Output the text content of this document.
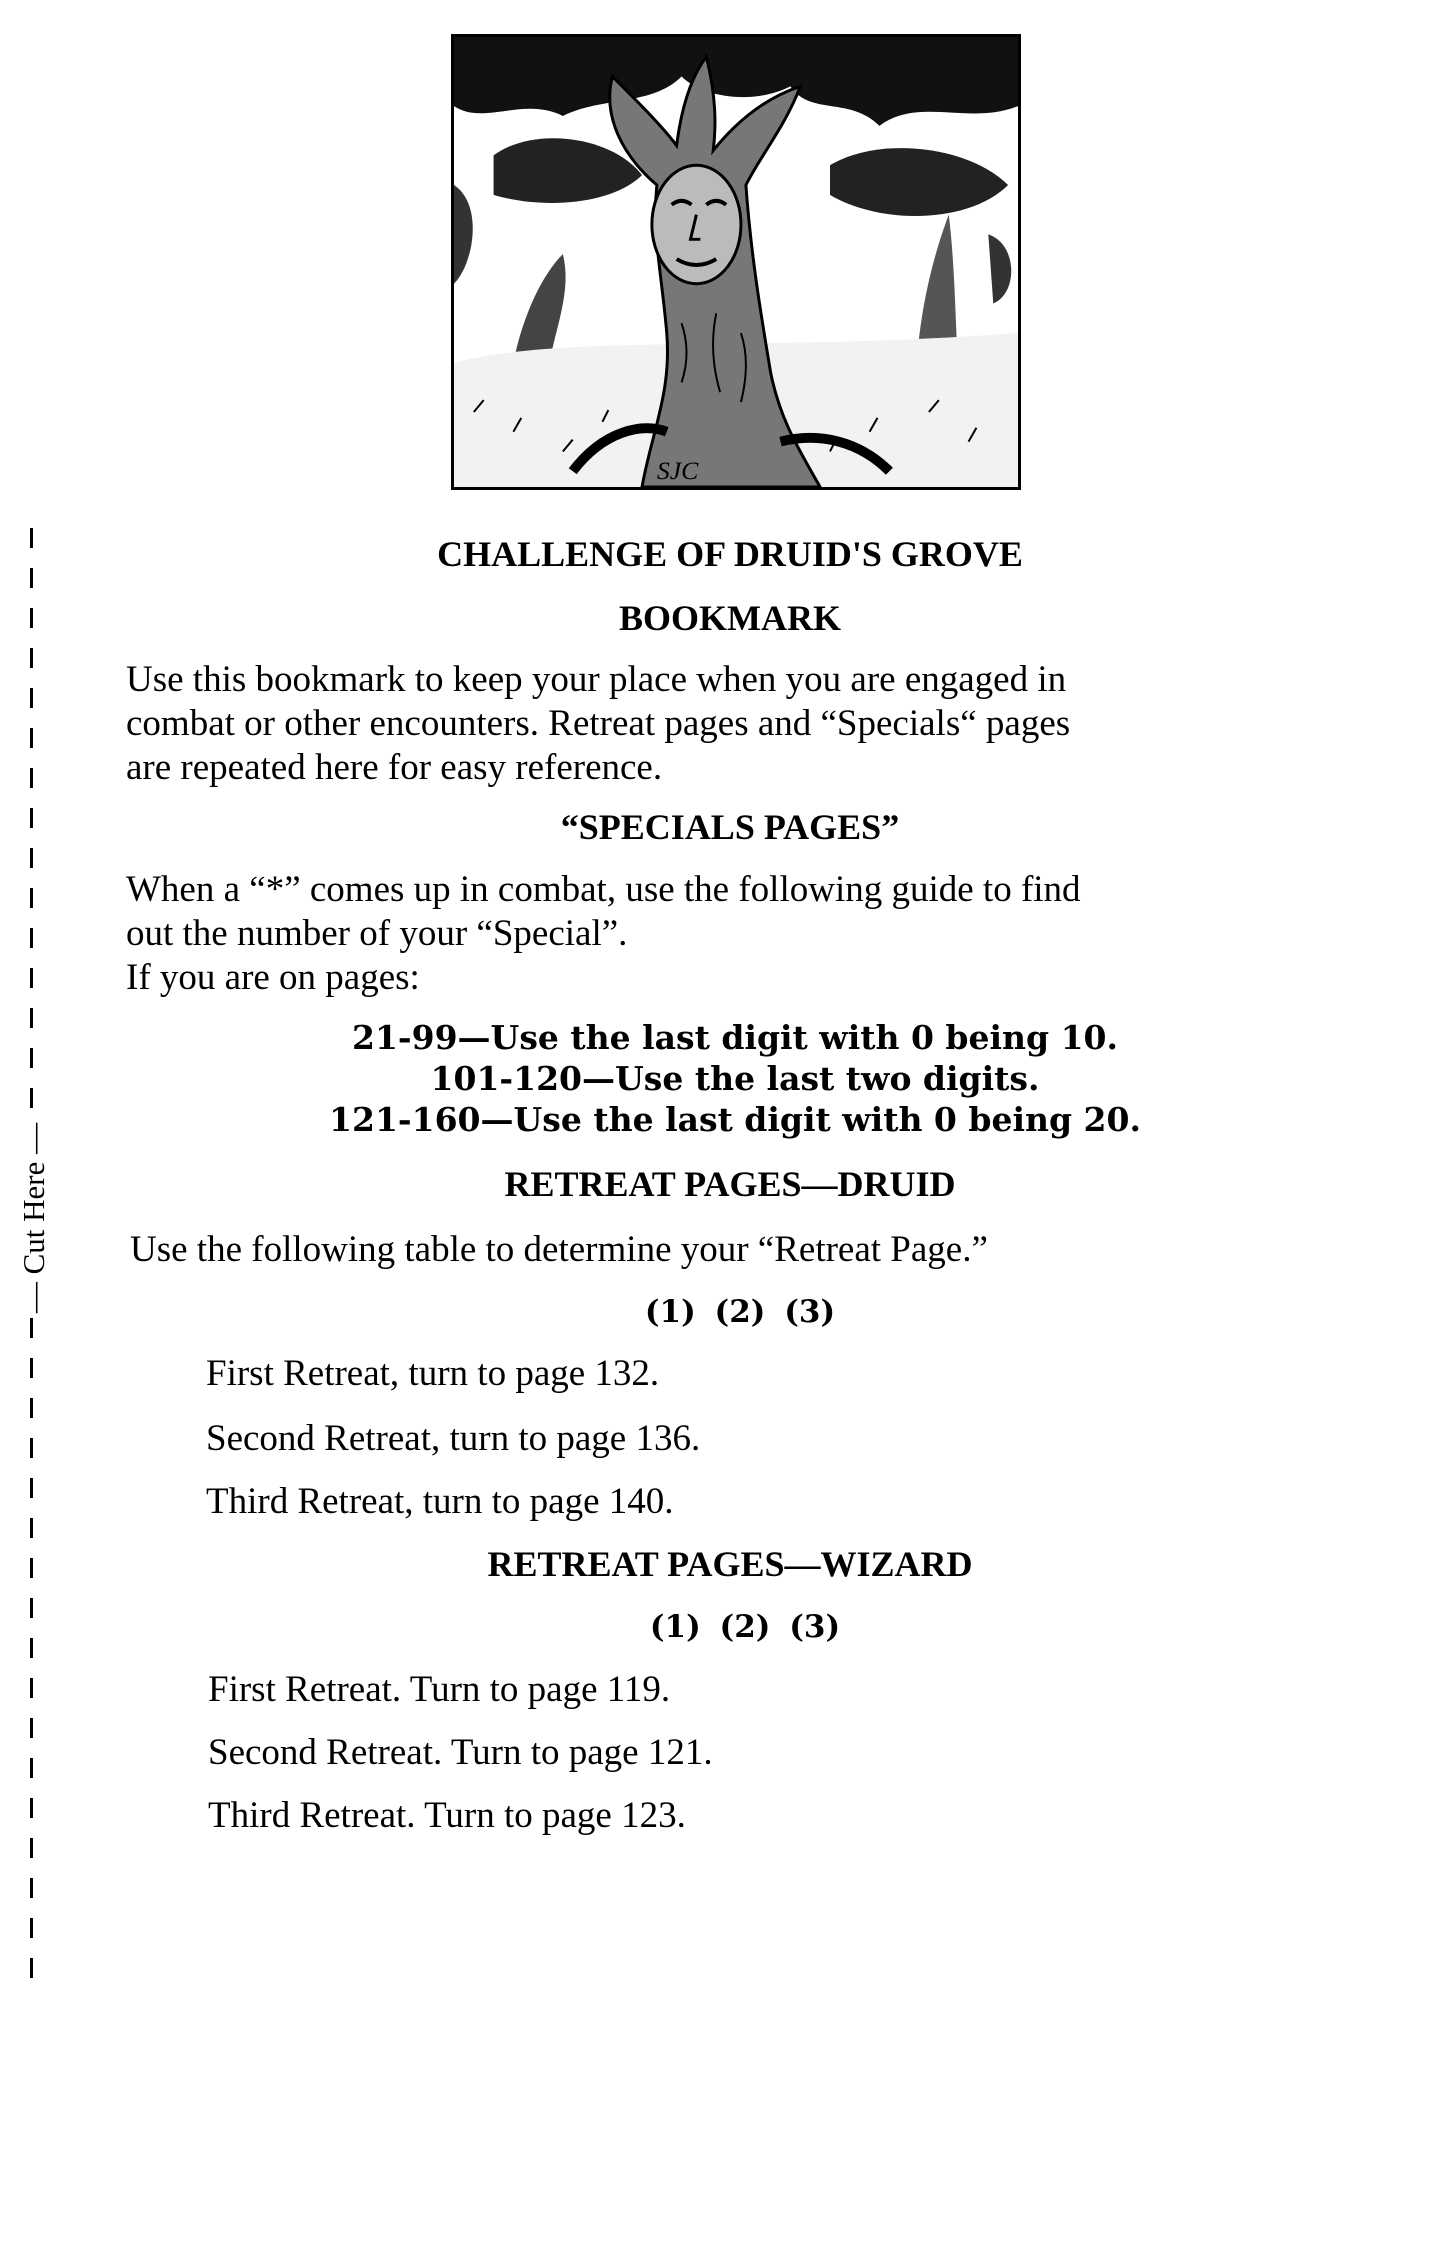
SJC
— Cut Here —
CHALLENGE OF DRUID'S GROVE
BOOKMARK

Use this bookmark to keep your place when you are engaged in

combat or other encounters. Retreat pages and “Specials“ pages

are repeated here for easy reference.

“SPECIALS PAGES”

When a “*” comes up in combat, use the following guide to find

out the number of your “Special”.

If you are on pages:

21-99—Use the last digit with 0 being 10.
101-120—Use the last two digits.
121-160—Use the last digit with 0 being 20.
RETREAT PAGES—DRUID
Use the following table to determine your “Retreat Page.”
(1) (2) (3)
First Retreat, turn to page 132.
Second Retreat, turn to page 136.
Third Retreat, turn to page 140.
RETREAT PAGES—WIZARD
(1) (2) (3)
First Retreat. Turn to page 119.
Second Retreat. Turn to page 121.
Third Retreat. Turn to page 123.
